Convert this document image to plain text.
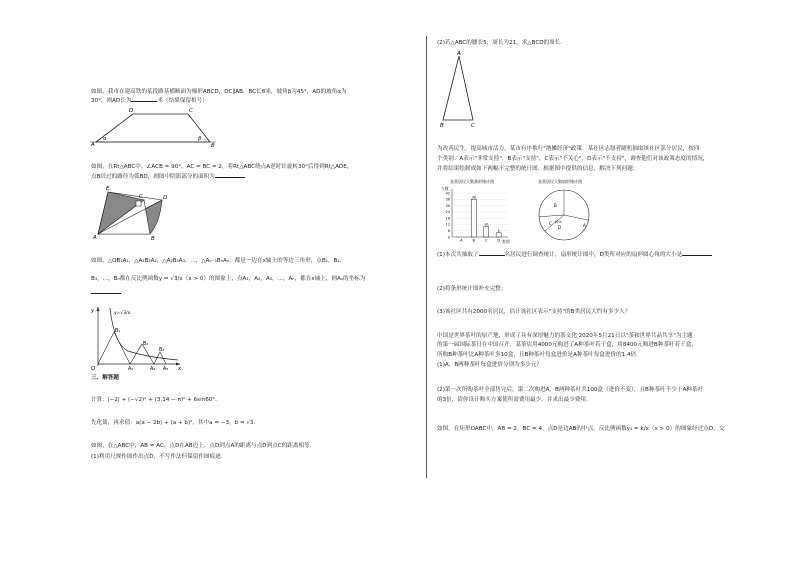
如图，我市在建高铁的某段路基横断面为梯形ABCD，DC∥AB．BC长6米，坡角β为45°，AD的坡角α为
30°，则AD长为	米（结果保留根号）
A	B
C
D
α	β
如图，在Rt△ABC中，∠ACB = 90°，AC = BC = 2，将Rt△ABC绕点A逆时针旋转30°后得到Rt△ADE，
点B经过的路径为弧BD，则图中阴影部分的面积为
A	B
C	D
E
如图，△OB₁A₁，△A₁B₂A₂，△A₂B₃A₃，...，△Aₙ₋₁BₙAₙ，都是一边在x轴上的等边三角形，点B₁，B₂，
B₃，...，Bₙ都在反比例函数y = √3/x（x > 0）的图象上，点A₁，A₂，A₃，...，Aₙ，都在x轴上，则Aₙ的坐标为
y
x
O
y=√3/x
B₁
B₂
B₃
A₁	A₂ A₃
三、解答题
计算：|−2| + (−√2)² + (3.14 − π)⁰ + 6sin60°．
先化简，再求值：a(a − 2b) + (a + b)²，其中a = −3，b = √3．
如图，在△ABC中，AB = AC，点D在AB边上，点D到点A的距离与点D到点C的距离相等．
(1)利用尺规作图作出点D，不写作法但保留作图痕迹．
(2)若△ABC的腰长5，周长为21，求△BCD的周长．
A
B	C
为改善民生，提高城市活力，某市有序推行"地摊经济"政策．某社区志愿者随机抽取该社区部分居民，按四
个类别：A表示"非常支持"，B表示"支持"，C表示"不关心"，D表示"不支持"，调查他们对该政策态度的情况，
并将结果绘制成如下两幅不完整的统计图．根据图中提供的信息，解决下列问题：
各类居民人数条形统计图
人数
类别
0
6
12
18
24
30
36
42
A
36
B
10
C
4
D
各类居民人数扇形统计图
A
B
C
D
10%
(1)本次共抽取了	名居民进行调查统计，扇形统计图中，D类所对应的扇形圆心角的大小是
(2)将条形统计图补充完整；
(3)该社区共有2000名居民，估计该社区表示"支持"的B类居民大约有多少人？
中国是世界茶叶的原产地，形成了具有深厚魅力的茶文化 2020年5月21日以"茶和世界共品共享"为主题
的第一届国际茶日在中国召开，某茶店用4000元购进了A种茶叶若干盒，用8400元购进B种茶叶若干盒，
所购B种茶叶比A种茶叶多10盒，且B种茶叶每盒进价是A种茶叶每盒进价的1.4倍．
(1)A，B两种茶叶每盒进价分别为多少元？
(2)第一次所购茶叶全部售完后，第二次购进A，B两种茶叶共100盒（进价不变），且B种茶叶不少于A种茶叶
的3倍，请你设计购买方案使所需费用最少，并求出最少费用．
如图，在矩形OABC中，AB = 2，BC = 4，点D是边AB的中点，反比例函数y₁ = k/x（x > 0）的图象经过点D，交
